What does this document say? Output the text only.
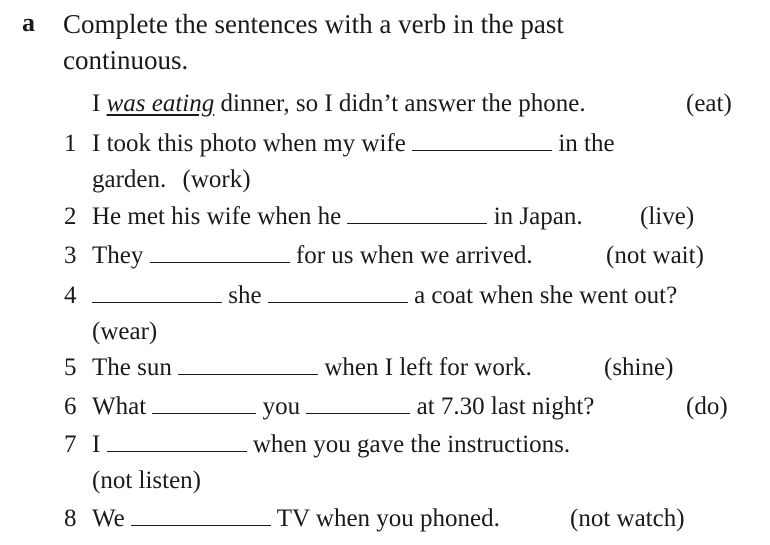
a Complete the sentences with a verb in the past
continuous.
I was eating dinner, so I didn’t answer the phone.	(eat)
1 I took this photo when my wife	in the
garden. (work)
2 He met his wife when he	in Japan. (live)
3 They	for us when we arrived.	(not wait)
4	she	a coat when she went out?
(wear)
5 The sun	when I left for work.	(shine)
6 What	you	at 7.30 last night?	(do)
7 I	when you gave the instructions.
(not listen)
8 We	TV when you phoned.	(not watch)
